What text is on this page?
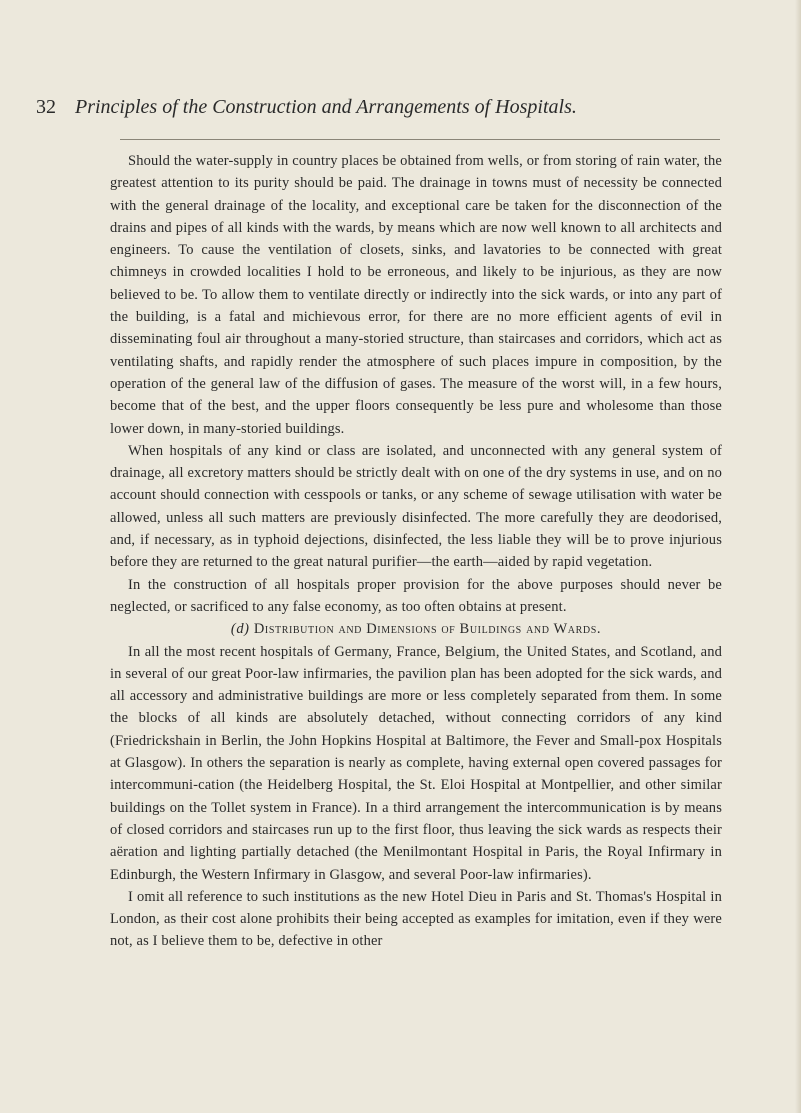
32 Principles of the Construction and Arrangements of Hospitals.

Should the water-supply in country places be obtained from wells, or from storing of rain water, the greatest attention to its purity should be paid. The drainage in towns must of necessity be connected with the general drainage of the locality, and exceptional care be taken for the disconnection of the drains and pipes of all kinds with the wards, by means which are now well known to all architects and engineers. To cause the ventilation of closets, sinks, and lavatories to be connected with great chimneys in crowded localities I hold to be erroneous, and likely to be injurious, as they are now believed to be. To allow them to ventilate directly or indirectly into the sick wards, or into any part of the building, is a fatal and michievous error, for there are no more efficient agents of evil in disseminating foul air throughout a many-storied structure, than staircases and corridors, which act as ventilating shafts, and rapidly render the atmosphere of such places impure in composition, by the operation of the general law of the diffusion of gases. The measure of the worst will, in a few hours, become that of the best, and the upper floors consequently be less pure and wholesome than those lower down, in many-storied buildings.

When hospitals of any kind or class are isolated, and unconnected with any general system of drainage, all excretory matters should be strictly dealt with on one of the dry systems in use, and on no account should connection with cesspools or tanks, or any scheme of sewage utilisation with water be allowed, unless all such matters are previously disinfected. The more carefully they are deodorised, and, if necessary, as in typhoid dejections, disinfected, the less liable they will be to prove injurious before they are returned to the great natural purifier—the earth—aided by rapid vegetation.

In the construction of all hospitals proper provision for the above purposes should never be neglected, or sacrificed to any false economy, as too often obtains at present.

(d) Distribution and Dimensions of Buildings and Wards.

In all the most recent hospitals of Germany, France, Belgium, the United States, and Scotland, and in several of our great Poor-law infirmaries, the pavilion plan has been adopted for the sick wards, and all accessory and administrative buildings are more or less completely separated from them. In some the blocks of all kinds are absolutely detached, without connecting corridors of any kind (Friedrickshain in Berlin, the John Hopkins Hospital at Baltimore, the Fever and Small-pox Hospitals at Glasgow). In others the separation is nearly as complete, having external open covered passages for intercommuni-cation (the Heidelberg Hospital, the St. Eloi Hospital at Montpellier, and other similar buildings on the Tollet system in France). In a third arrangement the intercommunication is by means of closed corridors and staircases run up to the first floor, thus leaving the sick wards as respects their aëration and lighting partially detached (the Menilmontant Hospital in Paris, the Royal Infirmary in Edinburgh, the Western Infirmary in Glasgow, and several Poor-law infirmaries).

I omit all reference to such institutions as the new Hotel Dieu in Paris and St. Thomas's Hospital in London, as their cost alone prohibits their being accepted as examples for imitation, even if they were not, as I believe them to be, defective in other
